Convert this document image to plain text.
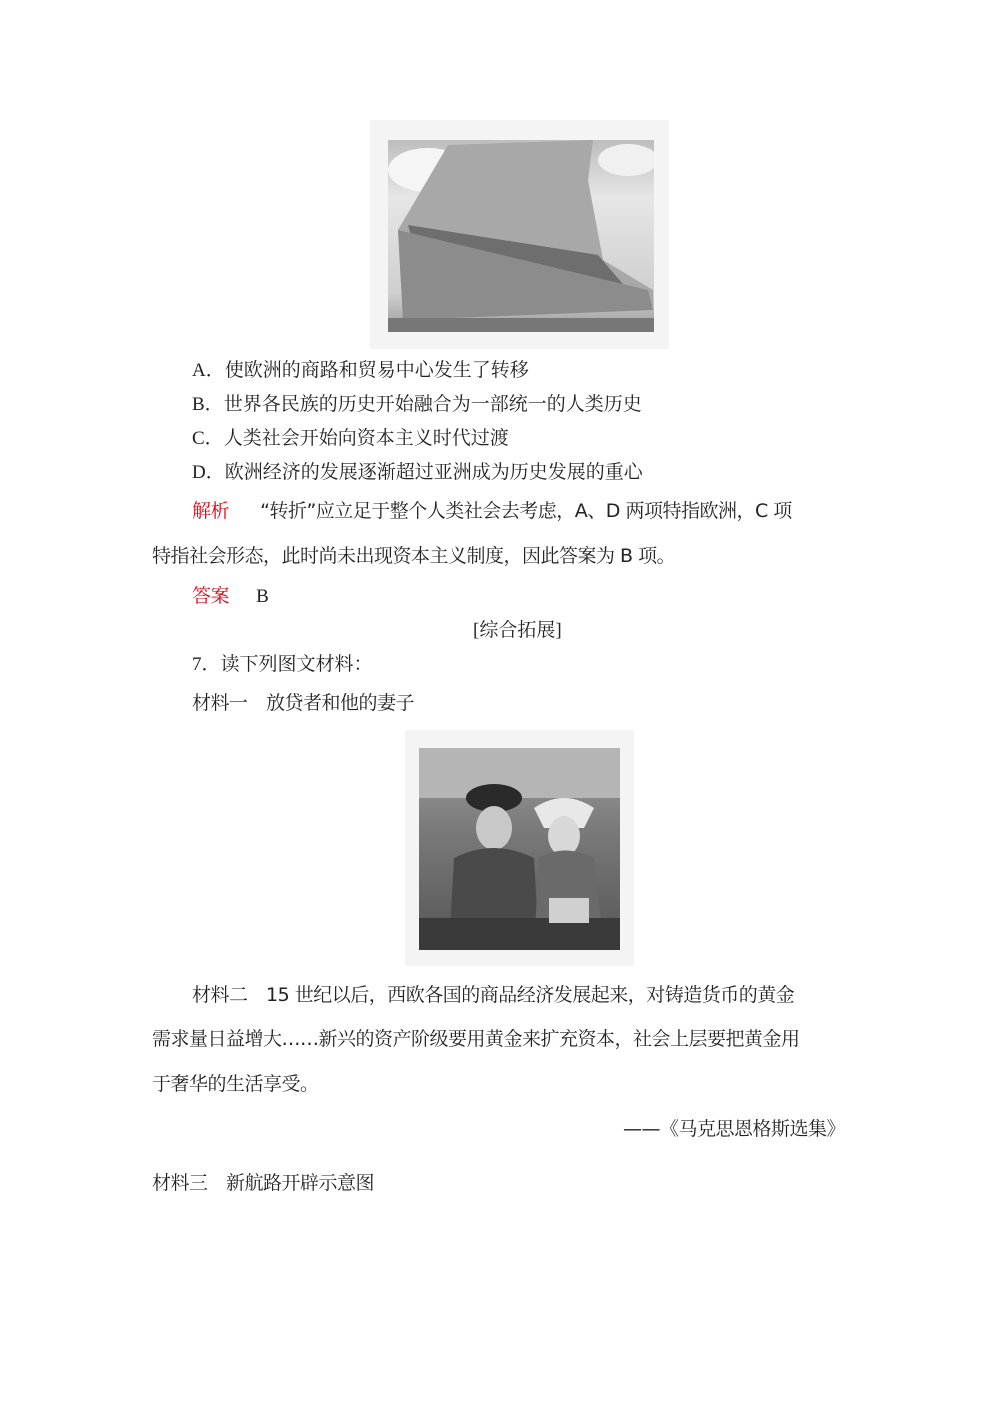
A．使欧洲的商路和贸易中心发生了转移
B．世界各民族的历史开始融合为一部统一的人类历史
C．人类社会开始向资本主义时代过渡
D．欧洲经济的发展逐渐超过亚洲成为历史发展的重心
解析 “转折”应立足于整个人类社会去考虑，A、D 两项特指欧洲，C 项
特指社会形态，此时尚未出现资本主义制度，因此答案为 B 项。
答案 B
[综合拓展]
7．读下列图文材料：
材料一　放贷者和他的妻子
材料二　15 世纪以后，西欧各国的商品经济发展起来，对铸造货币的黄金
需求量日益增大……新兴的资产阶级要用黄金来扩充资本，社会上层要把黄金用
于奢华的生活享受。
——《马克思恩格斯选集》
材料三　新航路开辟示意图
